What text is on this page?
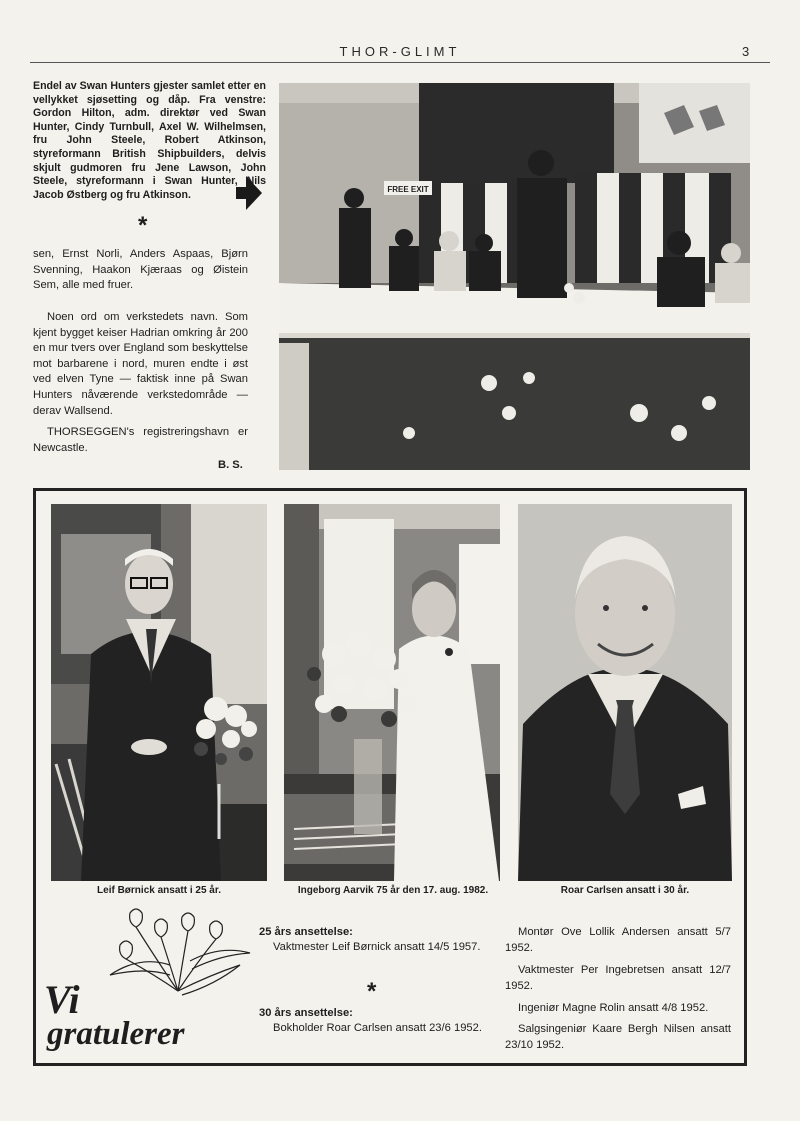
THOR-GLIMT	3
Endel av Swan Hunters gjester samlet etter en vellykket sjøsetting og dåp. Fra venstre: Gordon Hilton, adm. direktør ved Swan Hunter, Cindy Turnbull, Axel W. Wilhelmsen, fru John Steele, Robert Atkinson, styreformann British Shipbuilders, delvis skjult gudmoren fru Jene Lawson, John Steele, styreformann i Swan Hunter, Nils Jacob Østberg og fru Atkinson.
*
sen, Ernst Norli, Anders Aspaas, Bjørn Svenning, Haakon Kjæraas og Øistein Sem, alle med fruer.
Noen ord om verkstedets navn. Som kjent bygget keiser Hadrian omkring år 200 en mur tvers over England som beskyttelse mot barbarene i nord, muren endte i øst ved elven Tyne — faktisk inne på Swan Hunters nåværende verkstedområde — derav Wallsend.
THORSEGGEN's registreringshavn er Newcastle.
B. S.
FREE EXIT
Leif Børnick ansatt i 25 år.	Ingeborg Aarvik 75 år den 17. aug. 1982.	Roar Carlsen ansatt i 30 år.
Vi
gratulerer
25 års ansettelse:
Vaktmester Leif Børnick ansatt 14/5 1957.
*
30 års ansettelse:
Bokholder Roar Carlsen ansatt 23/6 1952.
Montør Ove Lollik Andersen ansatt 5/7 1952.
Vaktmester Per Ingebretsen ansatt 12/7 1952.
Ingeniør Magne Rolin ansatt 4/8 1952.
Salgsingeniør Kaare Bergh Nilsen ansatt 23/10 1952.
